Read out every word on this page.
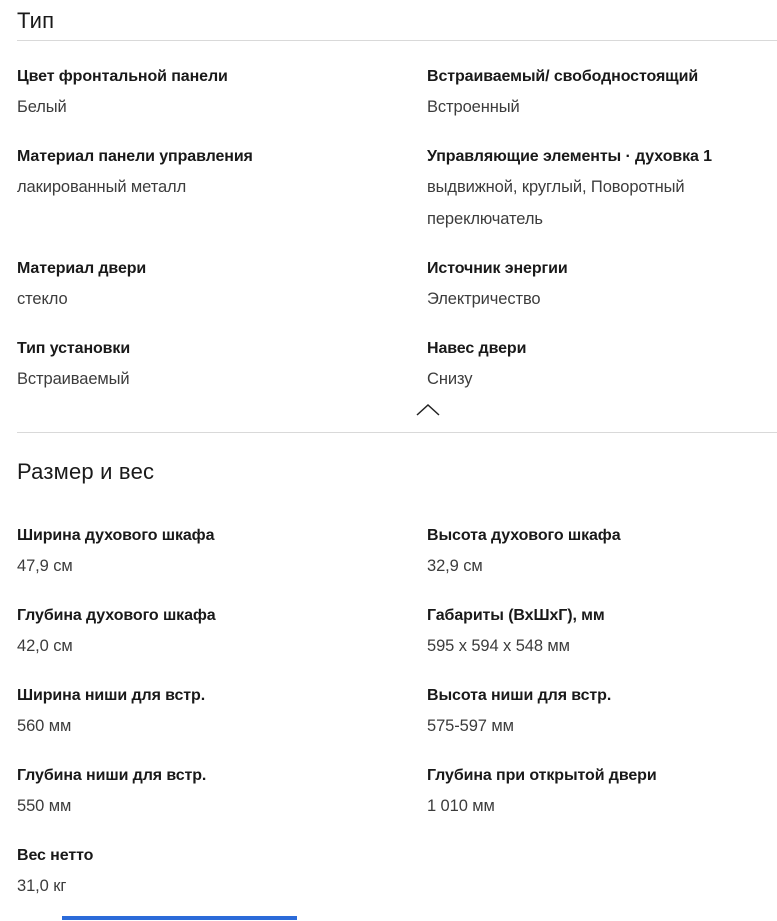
Тип
Цвет фронтальной панели
Белый
Встраиваемый/ свободностоящий
Встроенный
Материал панели управления
лакированный металл
Управляющие элементы · духовка 1
выдвижной, круглый, Поворотный переключатель
Материал двери
стекло
Источник энергии
Электричество
Тип установки
Встраиваемый
Навес двери
Снизу
Размер и вес
Ширина духового шкафа
47,9 см
Высота духового шкафа
32,9 см
Глубина духового шкафа
42,0 см
Габариты (ВхШхГ), мм
595 x 594 x 548 мм
Ширина ниши для встр.
560 мм
Высота ниши для встр.
575-597 мм
Глубина ниши для встр.
550 мм
Глубина при открытой двери
1 010 мм
Вес нетто
31,0 кг
